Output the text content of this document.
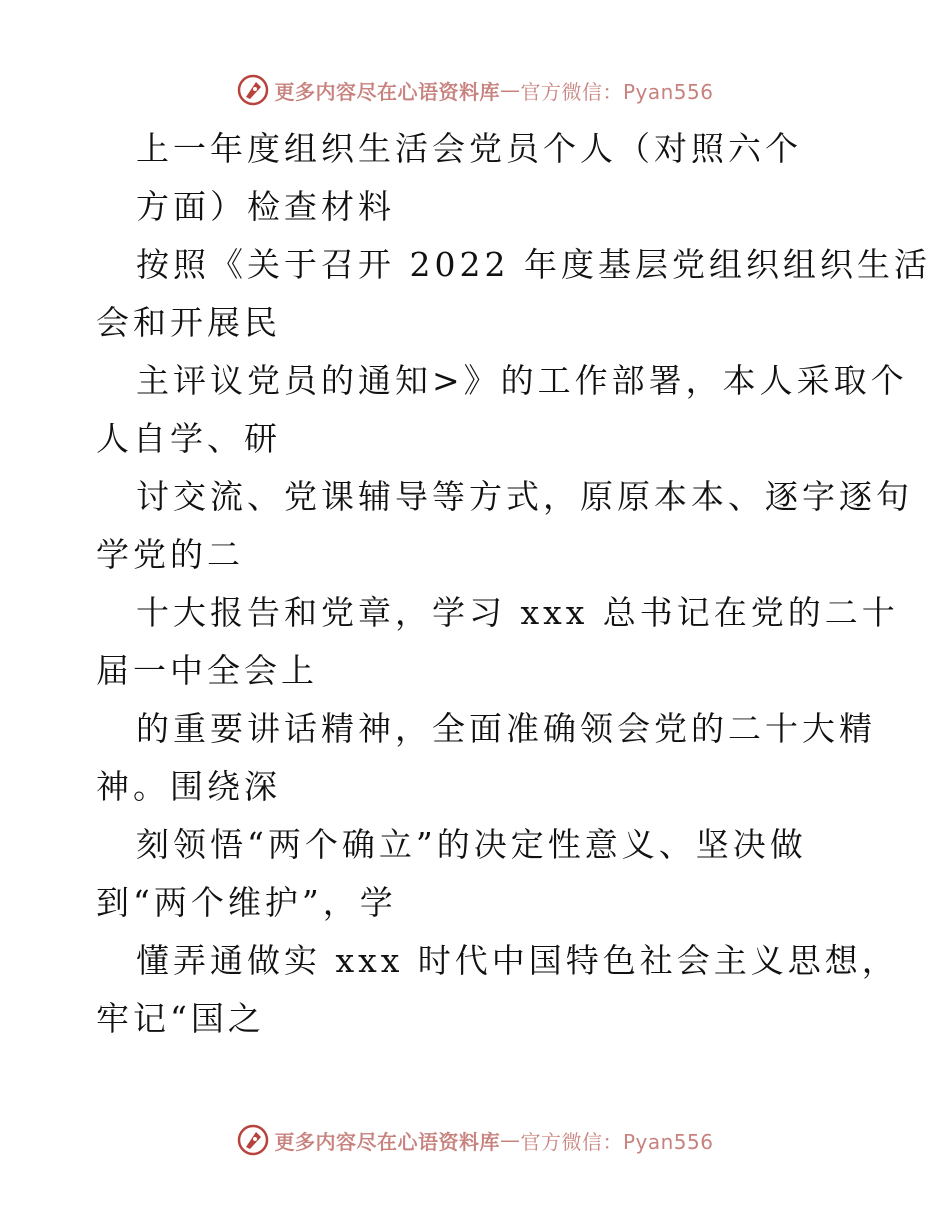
更多内容尽在心语资料库 — 官方微信：Pyan556
上一年度组织生活会党员个人（对照六个
方面）检查材料
按照《关于召开 2022 年度基层党组织组织生活
会和开展民
主评议党员的通知>》的工作部署，本人采取个
人自学、研
讨交流、党课辅导等方式，原原本本、逐字逐句
学党的二
十大报告和党章，学习 xxx 总书记在党的二十
届一中全会上
的重要讲话精神，全面准确领会党的二十大精
神。围绕深
刻领悟“两个确立”的决定性意义、坚决做
到“两个维护”，学
懂弄通做实 xxx 时代中国特色社会主义思想，
牢记“国之
更多内容尽在心语资料库 — 官方微信：Pyan556
